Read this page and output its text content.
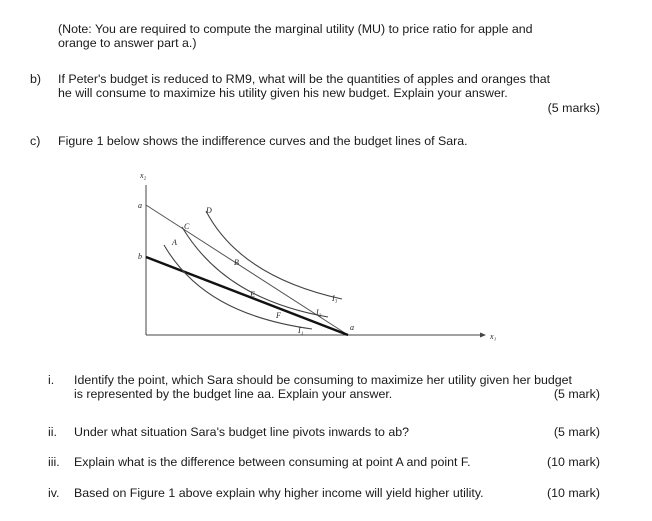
(Note: You are required to compute the marginal utility (MU) to price ratio for apple and
orange to answer part a.)
b) If Peter's budget is reduced to RM9, what will be the quantities of apples and oranges that
he will consume to maximize his utility given his new budget. Explain your answer.
(5 marks)
c) Figure 1 below shows the indifference curves and the budget lines of Sara.
x₂
x₁
a
b
C
D
A
B
E
F
a
I₁
I₂
I₃
i. Identify the point, which Sara should be consuming to maximize her utility given her budget
is represented by the budget line aa. Explain your answer.	(5 mark)
ii. Under what situation Sara's budget line pivots inwards to ab?	(5 mark)
iii. Explain what is the difference between consuming at point A and point F.	(10 mark)
iv. Based on Figure 1 above explain why higher income will yield higher utility.	(10 mark)
